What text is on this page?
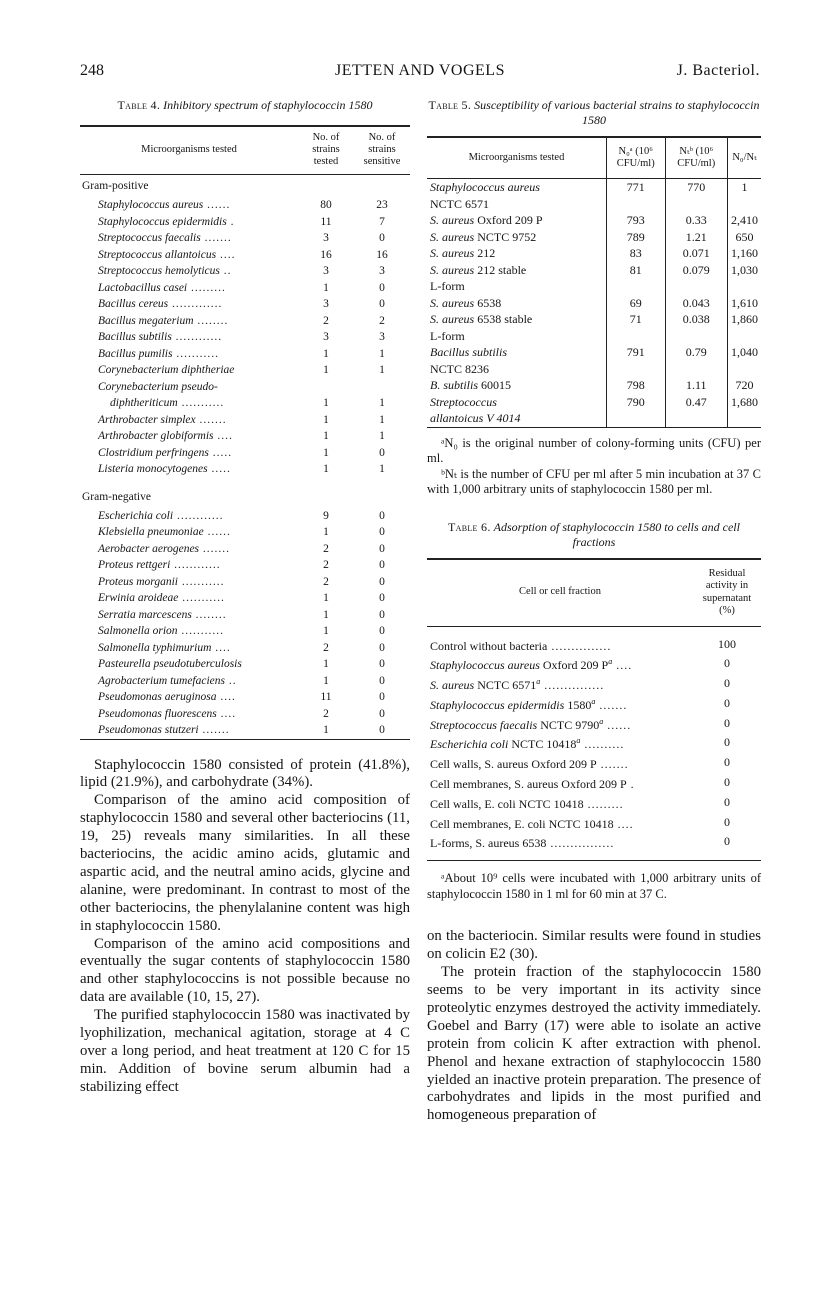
248	JETTEN AND VOGELS	J. Bacteriol.

Table 4. Inhibitory spectrum of staphylococcin 1580

Microorganisms tested	No. of strains tested	No. of strains sensitive
Gram-positive		
Staphylococcus aureus ......	80	23
Staphylococcus epidermidis .	11	7
Streptococcus faecalis .......	3	0
Streptococcus allantoicus ....	16	16
Streptococcus hemolyticus ..	3	3
Lactobacillus casei .........	1	0
Bacillus cereus .............	3	0
Bacillus megaterium ........	2	2
Bacillus subtilis ............	3	3
Bacillus pumilis ...........	1	1
Corynebacterium diphtheriae	1	1
Corynebacterium pseudo-		
diphtheriticum ...........	1	1
Arthrobacter simplex .......	1	1
Arthrobacter globiformis ....	1	1
Clostridium perfringens .....	1	0
Listeria monocytogenes .....	1	1

Gram-negative		
Escherichia coli ............	9	0
Klebsiella pneumoniae ......	1	0
Aerobacter aerogenes .......	2	0
Proteus rettgeri ............	2	0
Proteus morganii ...........	2	0
Erwinia aroideae ...........	1	0
Serratia marcescens ........	1	0
Salmonella orion ...........	1	0
Salmonella typhimurium ....	2	0
Pasteurella pseudotuberculosis	1	0
Agrobacterium tumefaciens ..	1	0
Pseudomonas aeruginosa ....	11	0
Pseudomonas fluorescens ....	2	0
Pseudomonas stutzeri .......	1	0

Staphylococcin 1580 consisted of protein (41.8%), lipid (21.9%), and carbohydrate (34%).

Comparison of the amino acid composition of staphylococcin 1580 and several other bacteriocins (11, 19, 25) reveals many similarities. In all these bacteriocins, the acidic amino acids, glutamic and aspartic acid, and the neutral amino acids, glycine and alanine, were predominant. In contrast to most of the other bacteriocins, the phenylalanine content was high in staphylococcin 1580.

Comparison of the amino acid compositions and eventually the sugar contents of staphylococcin 1580 and other staphylococcins is not possible because no data are available (10, 15, 27).

The purified staphylococcin 1580 was inactivated by lyophilization, mechanical agitation, storage at 4 C over a long period, and heat treatment at 120 C for 15 min. Addition of bovine serum albumin had a stabilizing effect

Table 5. Susceptibility of various bacterial strains to staphylococcin 1580

Microorganisms tested	N₀ᵃ (10⁶ CFU/ml)	Nₜᵇ (10⁶ CFU/ml)	N₀/Nₜ
Staphylococcus aureus
NCTC 6571	771	770	1
S. aureus Oxford 209 P	793	0.33	2,410
S. aureus NCTC 9752	789	1.21	650
S. aureus 212	83	0.071	1,160
S. aureus 212 stable
L-form	81	0.079	1,030
S. aureus 6538	69	0.043	1,610
S. aureus 6538 stable
L-form	71	0.038	1,860
Bacillus subtilis
NCTC 8236	791	0.79	1,040
B. subtilis 60015	798	1.11	720
Streptococcus
allantoicus V 4014	790	0.47	1,680

ᵃN₀ is the original number of colony-forming units (CFU) per ml.

ᵇNₜ is the number of CFU per ml after 5 min incubation at 37 C with 1,000 arbitrary units of staphylococcin 1580 per ml.

Table 6. Adsorption of staphylococcin 1580 to cells and cell fractions

Cell or cell fraction	Residual activity in supernatant (%)
Control without bacteria ...............	100
Staphylococcus aureus Oxford 209 $P^a$ ....	0
S. aureus NCTC 6571$^a$ ...............	0
Staphylococcus epidermidis 1580$^a$ .......	0
Streptococcus faecalis NCTC 9790$^a$ ......	0
Escherichia coli NCTC 10418$^a$ ..........	0
Cell walls, S. aureus Oxford 209 P .......	0
Cell membranes, S. aureus Oxford 209 P .	0
Cell walls, E. coli NCTC 10418 .........	0
Cell membranes, E. coli NCTC 10418 ....	0
L-forms, S. aureus 6538 ................	0

ᵃAbout 10⁹ cells were incubated with 1,000 arbitrary units of staphylococcin 1580 in 1 ml for 60 min at 37 C.

on the bacteriocin. Similar results were found in studies on colicin E2 (30).

The protein fraction of the staphylococcin 1580 seems to be very important in its activity since proteolytic enzymes destroyed the activity immediately. Goebel and Barry (17) were able to isolate an active protein from colicin K after extraction with phenol. Phenol and hexane extraction of staphylococcin 1580 yielded an inactive protein preparation. The presence of carbohydrates and lipids in the most purified and homogeneous preparation of
